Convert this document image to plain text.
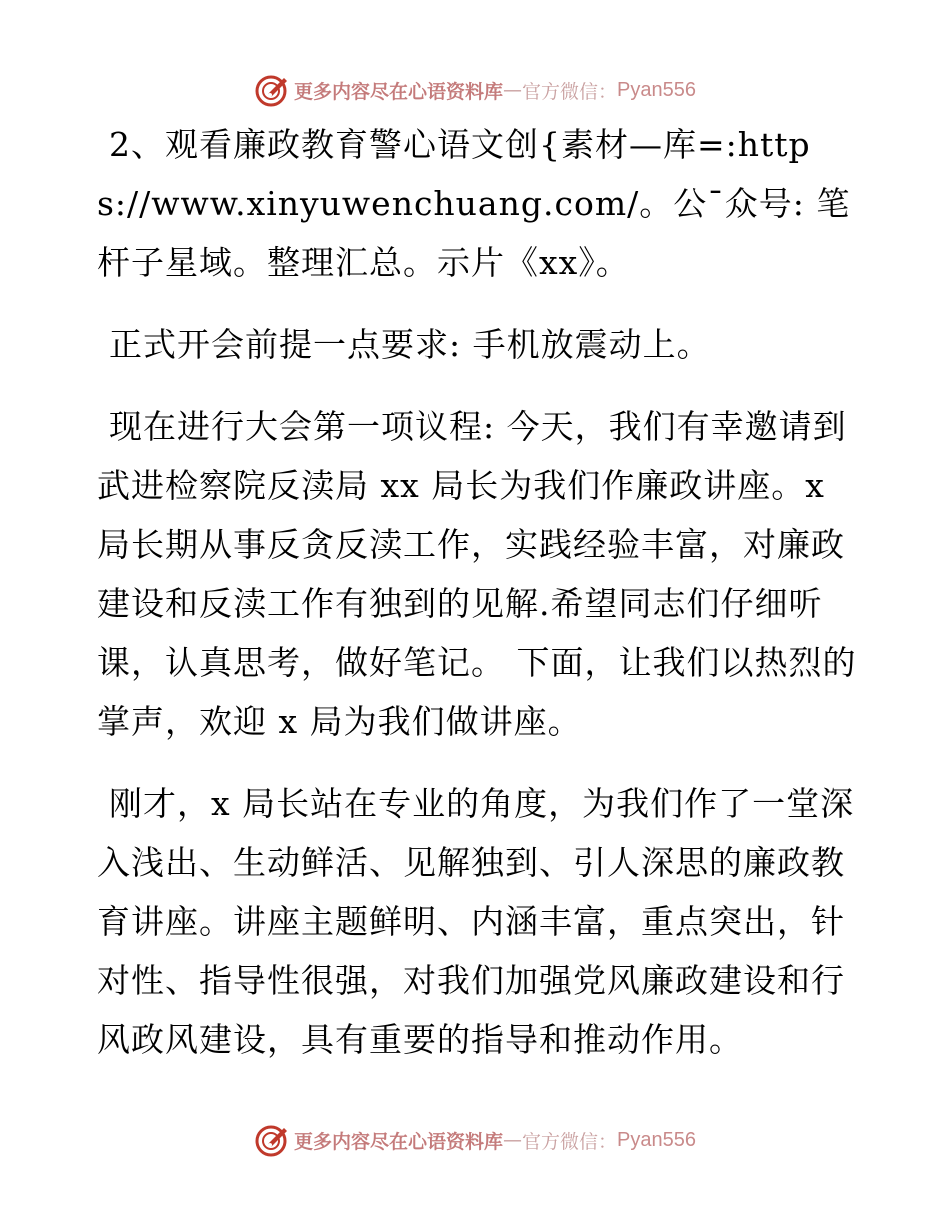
更多内容尽在心语资料库 — 官方微信： Pyan556

2、观看廉政教育警心语文创{素材—库=:https://www.xinyuwenchuang.com/。公¯众号: 笔杆子星域。整理汇总。示片《xx》。

正式开会前提一点要求: 手机放震动上。

现在进行大会第一项议程: 今天，我们有幸邀请到武进检察院反渎局 xx 局长为我们作廉政讲座。x 局长期从事反贪反渎工作，实践经验丰富，对廉政建设和反渎工作有独到的见解.希望同志们仔细听课，认真思考，做好笔记。 下面，让我们以热烈的掌声，欢迎 x 局为我们做讲座。

刚才，x 局长站在专业的角度，为我们作了一堂深入浅出、生动鲜活、见解独到、引人深思的廉政教育讲座。讲座主题鲜明、内涵丰富，重点突出，针对性、指导性很强，对我们加强党风廉政建设和行风政风建设，具有重要的指导和推动作用。

更多内容尽在心语资料库 — 官方微信： Pyan556
